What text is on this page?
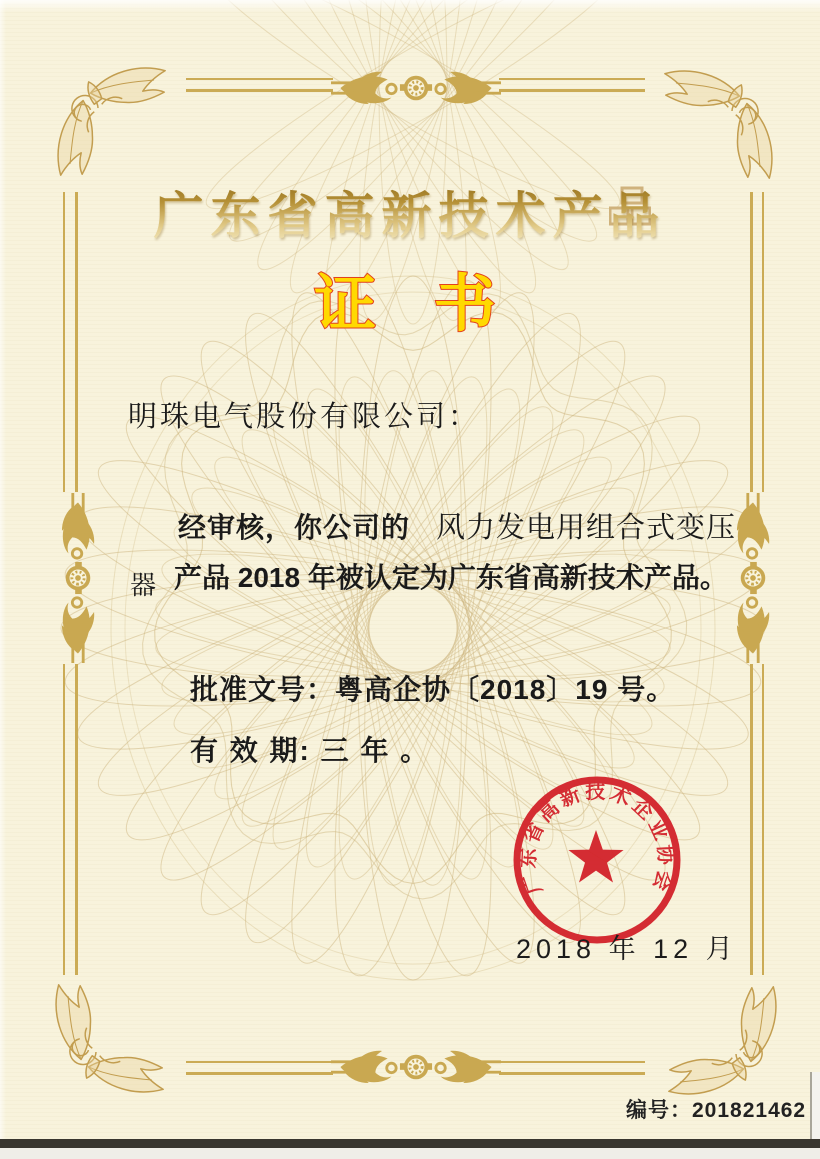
广东省高新技术产品
证 书
明珠电气股份有限公司：
经审核，你公司的 风力发电用组合式变压
器 产品 2018 年被认定为广东省高新技术产品。
批准文号：粤高企协〔2018〕19 号。
有 效 期: 三 年 。
广东省高新技术企业协会
2018 年 12 月
编号：201821462
